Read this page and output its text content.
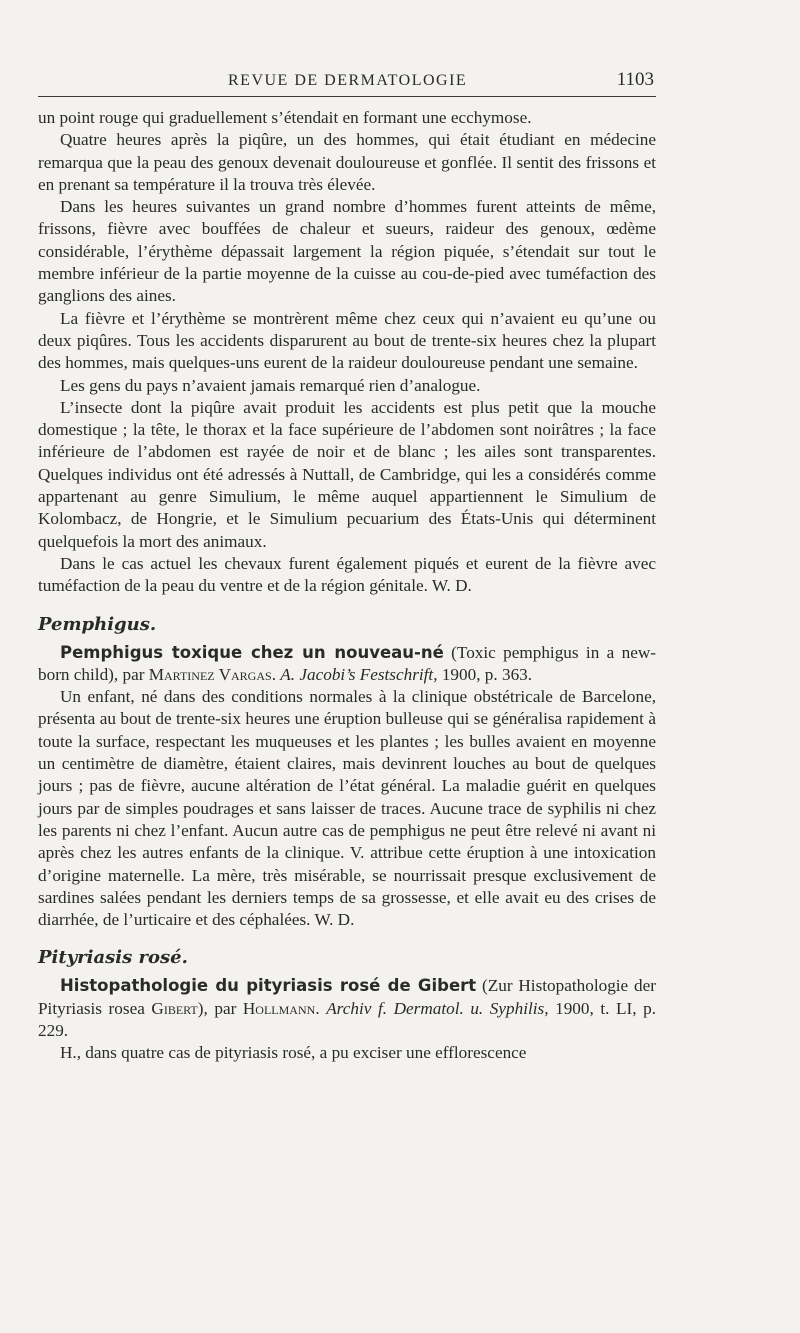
REVUE DE DERMATOLOGIE	1103

un point rouge qui graduellement s’étendait en formant une ecchymose.

Quatre heures après la piqûre, un des hommes, qui était étudiant en médecine remarqua que la peau des genoux devenait douloureuse et gonflée. Il sentit des frissons et en prenant sa température il la trouva très élevée.

Dans les heures suivantes un grand nombre d’hommes furent atteints de même, frissons, fièvre avec bouffées de chaleur et sueurs, raideur des genoux, œdème considérable, l’érythème dépassait largement la région piquée, s’étendait sur tout le membre inférieur de la partie moyenne de la cuisse au cou-de-pied avec tuméfaction des ganglions des aines.

La fièvre et l’érythème se montrèrent même chez ceux qui n’avaient eu qu’une ou deux piqûres. Tous les accidents disparurent au bout de trente-six heures chez la plupart des hommes, mais quelques-uns eurent de la raideur douloureuse pendant une semaine.

Les gens du pays n’avaient jamais remarqué rien d’analogue.

L’insecte dont la piqûre avait produit les accidents est plus petit que la mouche domestique ; la tête, le thorax et la face supérieure de l’abdomen sont noirâtres ; la face inférieure de l’abdomen est rayée de noir et de blanc ; les ailes sont transparentes. Quelques individus ont été adressés à Nuttall, de Cambridge, qui les a considérés comme appartenant au genre Simulium, le même auquel appartiennent le Simulium de Kolombacz, de Hongrie, et le Simulium pecuarium des États-Unis qui déterminent quelquefois la mort des animaux.

Dans le cas actuel les chevaux furent également piqués et eurent de la fièvre avec tuméfaction de la peau du ventre et de la région génitale. W. D.

Pemphigus.

Pemphigus toxique chez un nouveau-né (Toxic pemphigus in a new-born child), par Martinez Vargas. A. Jacobi’s Festschrift, 1900, p. 363.

Un enfant, né dans des conditions normales à la clinique obstétricale de Barcelone, présenta au bout de trente-six heures une éruption bulleuse qui se généralisa rapidement à toute la surface, respectant les muqueuses et les plantes ; les bulles avaient en moyenne un centimètre de diamètre, étaient claires, mais devinrent louches au bout de quelques jours ; pas de fièvre, aucune altération de l’état général. La maladie guérit en quelques jours par de simples poudrages et sans laisser de traces. Aucune trace de syphilis ni chez les parents ni chez l’enfant. Aucun autre cas de pemphigus ne peut être relevé ni avant ni après chez les autres enfants de la clinique. V. attribue cette éruption à une intoxication d’origine maternelle. La mère, très misérable, se nourrissait presque exclusivement de sardines salées pendant les derniers temps de sa grossesse, et elle avait eu des crises de diarrhée, de l’urticaire et des céphalées. W. D.

Pityriasis rosé.

Histopathologie du pityriasis rosé de Gibert (Zur Histopathologie der Pityriasis rosea Gibert), par Hollmann. Archiv f. Dermatol. u. Syphilis, 1900, t. LI, p. 229.

H., dans quatre cas de pityriasis rosé, a pu exciser une efflorescence
